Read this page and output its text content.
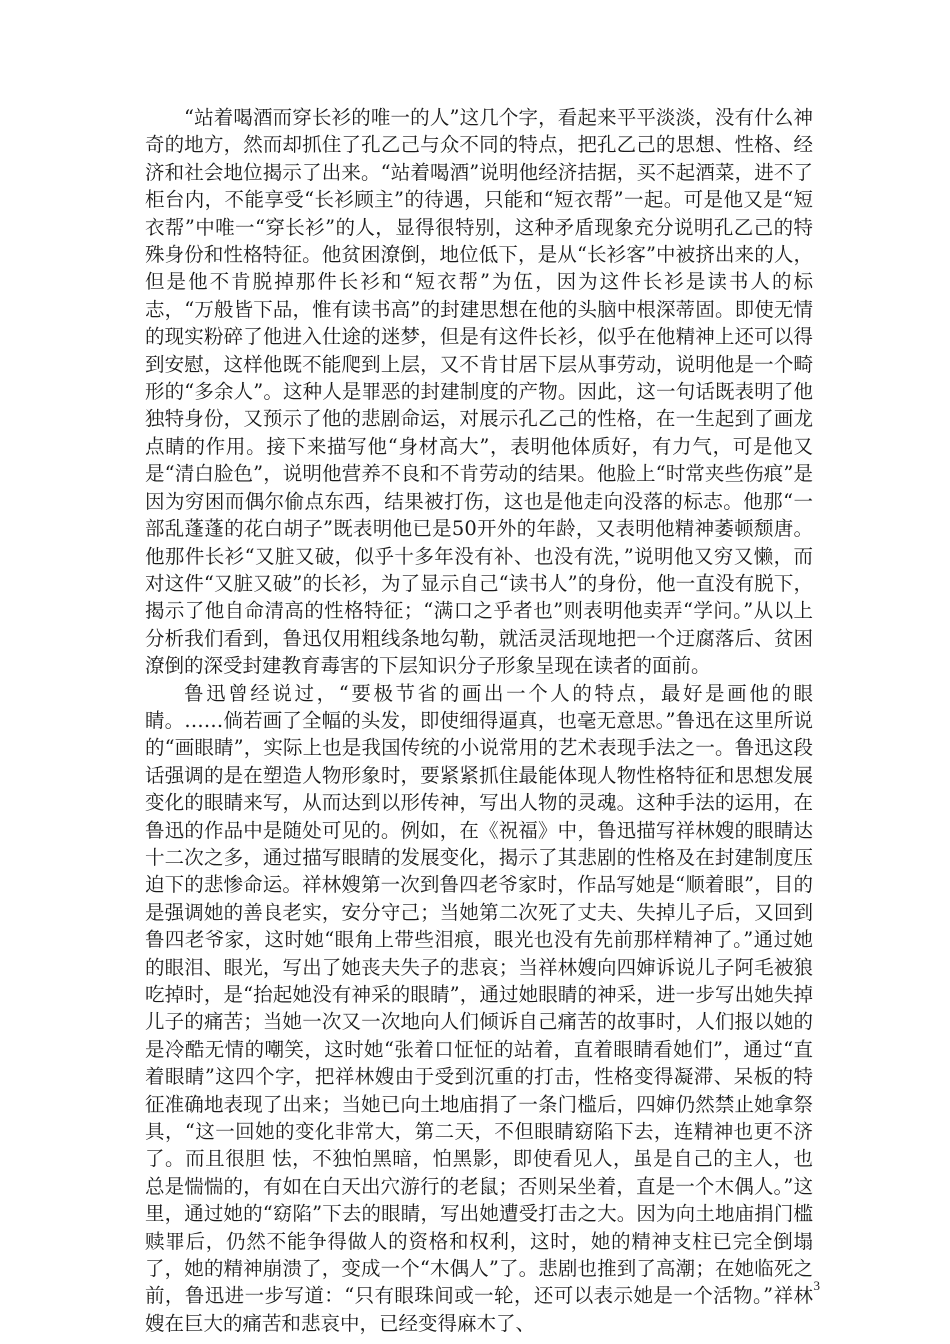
“站着喝酒而穿长衫的唯一的人”这几个字，看起来平平淡淡，没有什么神奇的地方，然而却抓住了孔乙己与众不同的特点，把孔乙己的思想、性格、经济和社会地位揭示了出来。“站着喝酒”说明他经济拮据，买不起酒菜，进不了柜台内，不能享受“长衫顾主”的待遇，只能和“短衣帮”一起。可是他又是“短衣帮”中唯一“穿长衫”的人，显得很特别，这种矛盾现象充分说明孔乙己的特殊身份和性格特征。他贫困潦倒，地位低下，是从“长衫客”中被挤出来的人，但是他不肯脱掉那件长衫和“短衣帮”为伍，因为这件长衫是读书人的标志，“万般皆下品，惟有读书高”的封建思想在他的头脑中根深蒂固。即使无情的现实粉碎了他进入仕途的迷梦，但是有这件长衫，似乎在他精神上还可以得到安慰，这样他既不能爬到上层，又不肯甘居下层从事劳动，说明他是一个畸形的“多余人”。这种人是罪恶的封建制度的产物。因此，这一句话既表明了他独特身份，又预示了他的悲剧命运，对展示孔乙己的性格，在一生起到了画龙点睛的作用。接下来描写他“身材高大”，表明他体质好，有力气，可是他又是“清白脸色”，说明他营养不良和不肯劳动的结果。他脸上“时常夹些伤痕”是因为穷困而偶尔偷点东西，结果被打伤，这也是他走向没落的标志。他那“一部乱蓬蓬的花白胡子”既表明他已是50开外的年龄，又表明他精神萎顿颓唐。他那件长衫“又脏又破，似乎十多年没有补、也没有洗，”说明他又穷又懒，而对这件“又脏又破”的长衫，为了显示自己“读书人”的身份，他一直没有脱下，揭示了他自命清高的性格特征；“满口之乎者也”则表明他卖弄“学问。”从以上分析我们看到，鲁迅仅用粗线条地勾勒，就活灵活现地把一个迂腐落后、贫困潦倒的深受封建教育毒害的下层知识分子形象呈现在读者的面前。

鲁迅曾经说过，“要极节省的画出一个人的特点，最好是画他的眼睛。……倘若画了全幅的头发，即使细得逼真，也毫无意思。”鲁迅在这里所说的“画眼睛”，实际上也是我国传统的小说常用的艺术表现手法之一。鲁迅这段话强调的是在塑造人物形象时，要紧紧抓住最能体现人物性格特征和思想发展变化的眼睛来写，从而达到以形传神，写出人物的灵魂。这种手法的运用，在鲁迅的作品中是随处可见的。例如，在《祝福》中，鲁迅描写祥林嫂的眼睛达十二次之多，通过描写眼睛的发展变化，揭示了其悲剧的性格及在封建制度压迫下的悲惨命运。祥林嫂第一次到鲁四老爷家时，作品写她是“顺着眼”，目的是强调她的善良老实，安分守己；当她第二次死了丈夫、失掉儿子后，又回到鲁四老爷家，这时她“眼角上带些泪痕，眼光也没有先前那样精神了。”通过她的眼泪、眼光，写出了她丧夫失子的悲哀；当祥林嫂向四婶诉说儿子阿毛被狼吃掉时，是“抬起她没有神采的眼睛”，通过她眼睛的神采，进一步写出她失掉儿子的痛苦；当她一次又一次地向人们倾诉自己痛苦的故事时，人们报以她的是冷酷无情的嘲笑，这时她“张着口怔怔的站着，直着眼睛看她们”，通过“直着眼睛”这四个字，把祥林嫂由于受到沉重的打击，性格变得凝滞、呆板的特征准确地表现了出来；当她已向土地庙捐了一条门槛后，四婶仍然禁止她拿祭具，“这一回她的变化非常大，第二天，不但眼睛窈陷下去，连精神也更不济了。而且很胆 怯，不独怕黑暗，怕黑影，即使看见人，虽是自己的主人，也总是惴惴的，有如在白天出穴游行的老鼠；否则呆坐着，直是一个木偶人。”这里，通过她的“窈陷”下去的眼睛，写出她遭受打击之大。因为向土地庙捐门槛赎罪后，仍然不能争得做人的资格和权利，这时，她的精神支柱已完全倒塌了，她的精神崩溃了，变成一个“木偶人”了。悲剧也推到了高潮；在她临死之前，鲁迅进一步写道：“只有眼珠间或一轮，还可以表示她是一个活物。”祥林嫂在巨大的痛苦和悲哀中，已经变得麻木了、

3
